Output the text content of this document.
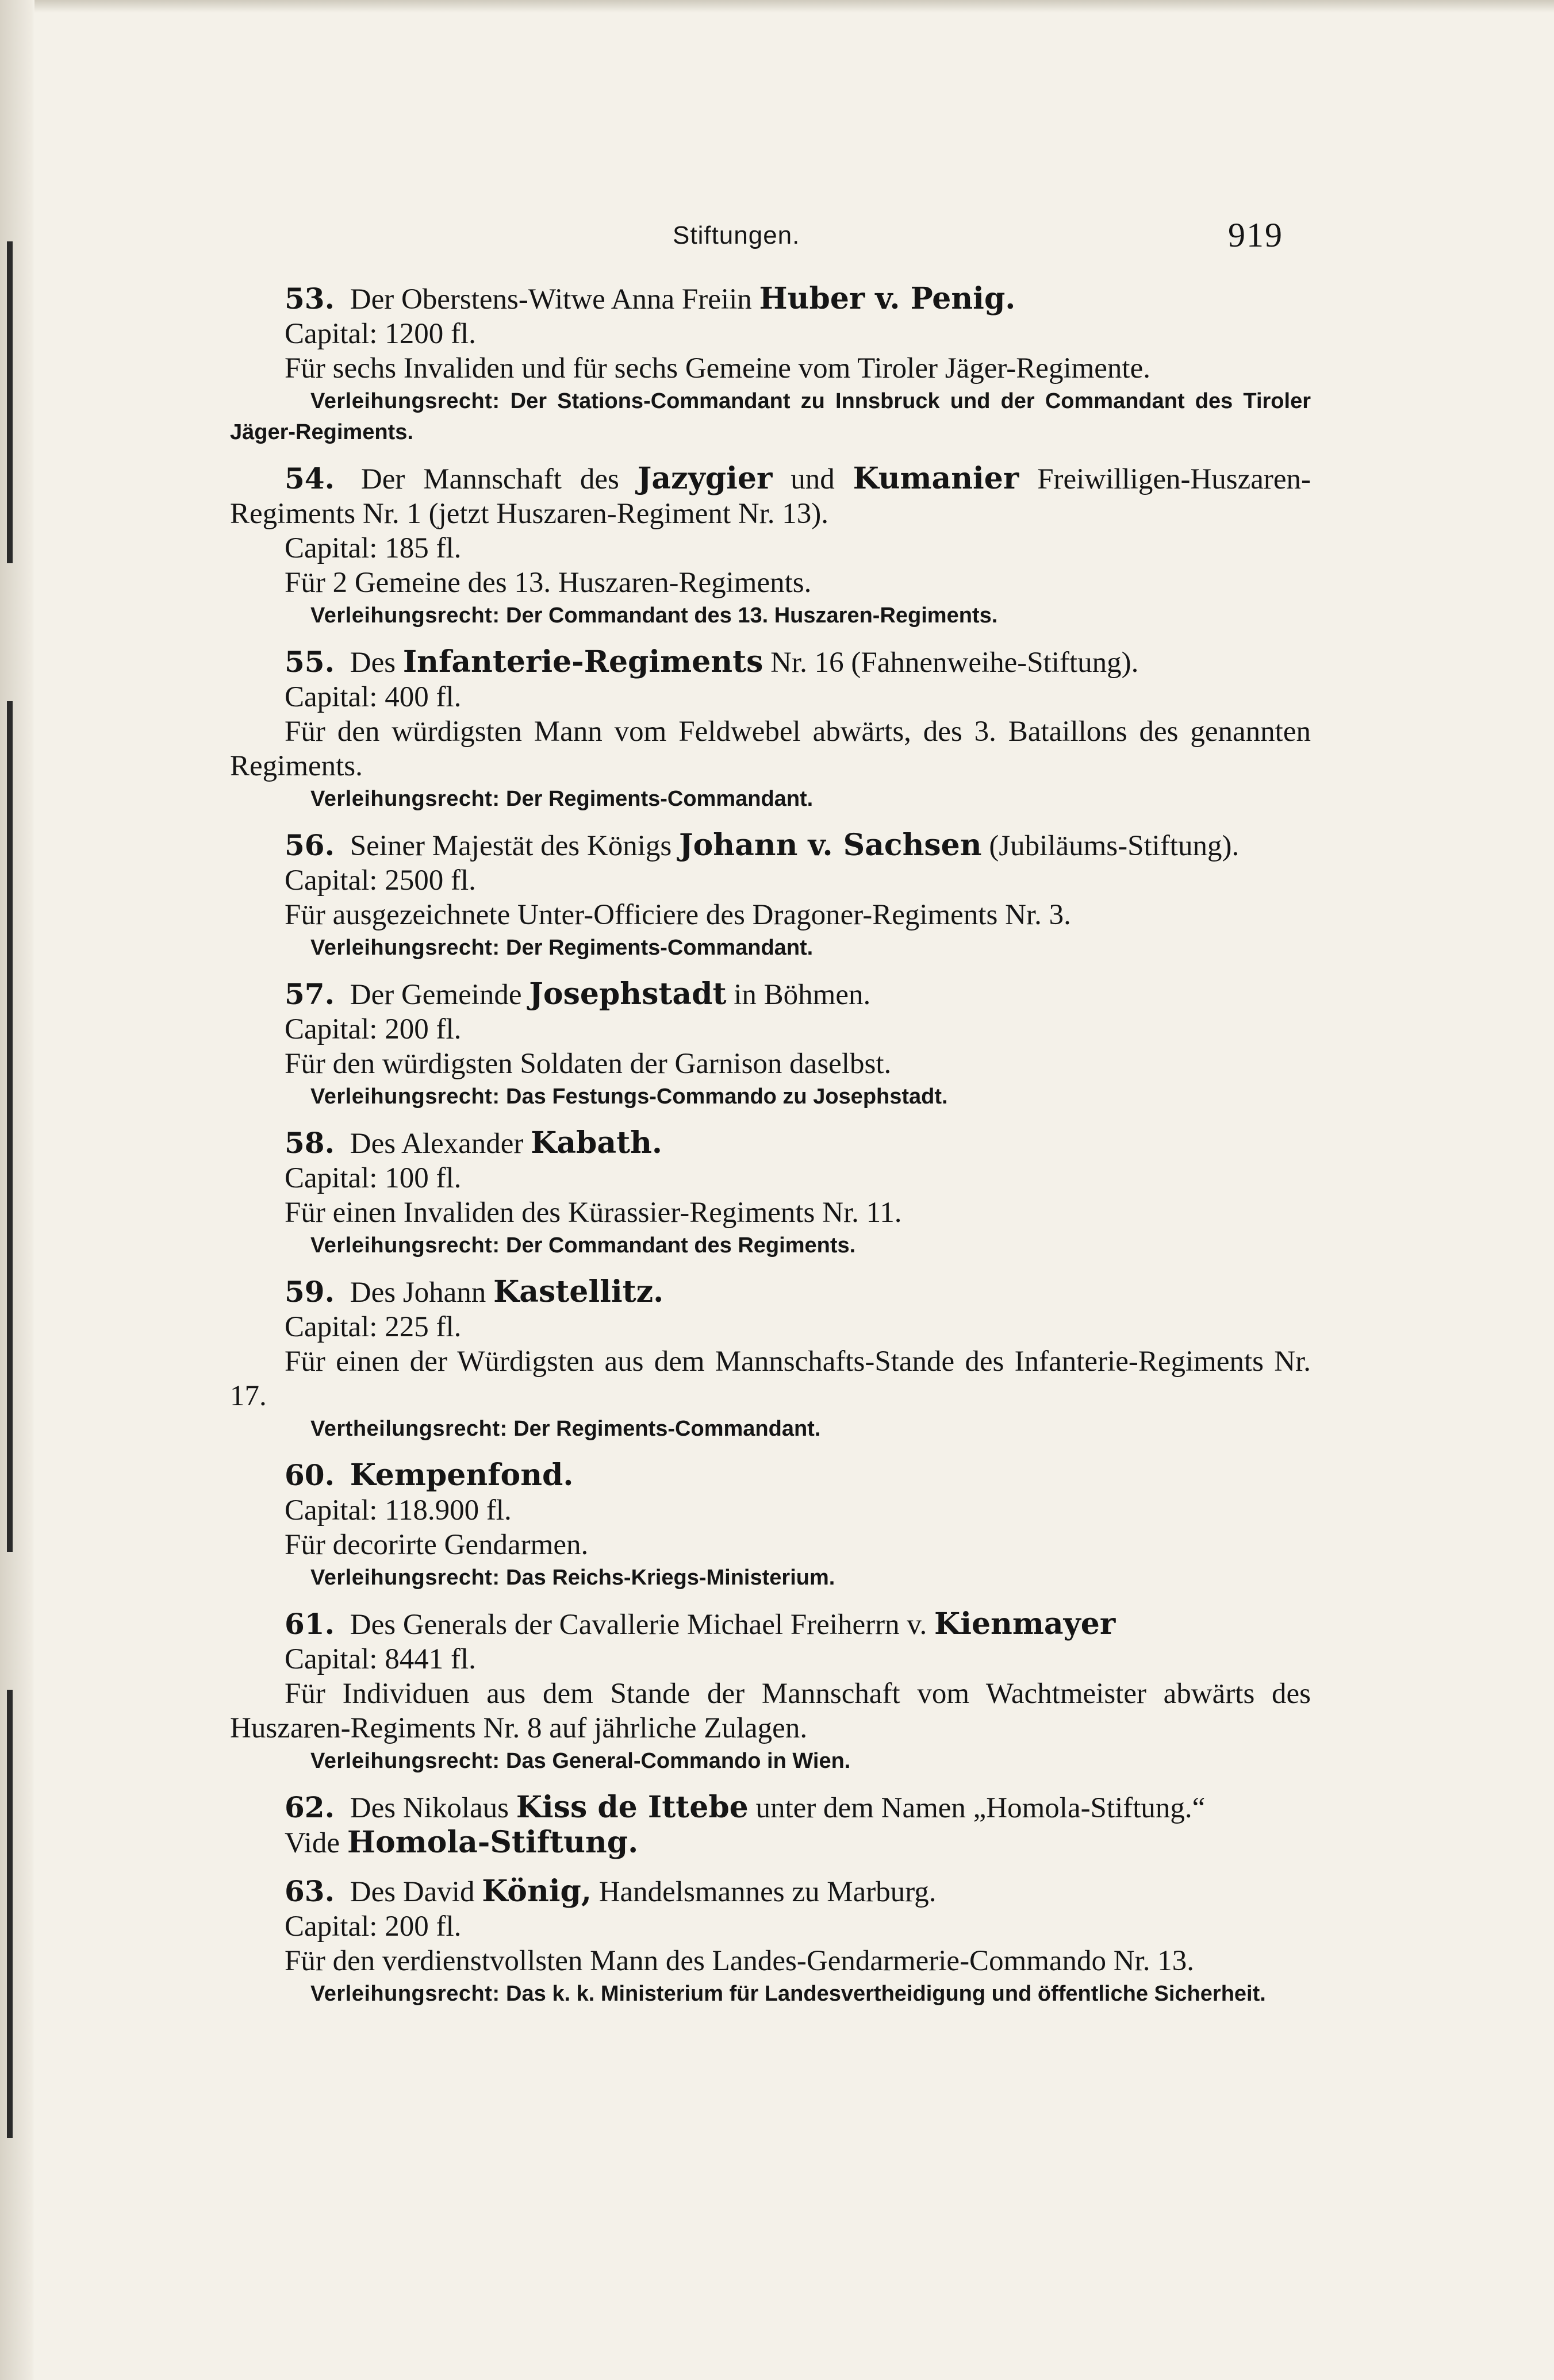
Stiftungen.	919
53. Der Oberstens-Witwe Anna Freiin Huber v. Penig.
Capital: 1200 fl.
Für sechs Invaliden und für sechs Gemeine vom Tiroler Jäger-Regimente.
Verleihungsrecht: Der Stations-Commandant zu Innsbruck und der Commandant des Tiroler Jäger-Regiments.
54. Der Mannschaft des Jazygier und Kumanier Freiwilligen-Huszaren-Regiments Nr. 1 (jetzt Huszaren-Regiment Nr. 13).
Capital: 185 fl.
Für 2 Gemeine des 13. Huszaren-Regiments.
Verleihungsrecht: Der Commandant des 13. Huszaren-Regiments.
55. Des Infanterie-Regiments Nr. 16 (Fahnenweihe-Stiftung).
Capital: 400 fl.
Für den würdigsten Mann vom Feldwebel abwärts, des 3. Bataillons des genannten Regiments.
Verleihungsrecht: Der Regiments-Commandant.
56. Seiner Majestät des Königs Johann v. Sachsen (Jubiläums-Stiftung).
Capital: 2500 fl.
Für ausgezeichnete Unter-Officiere des Dragoner-Regiments Nr. 3.
Verleihungsrecht: Der Regiments-Commandant.
57. Der Gemeinde Josephstadt in Böhmen.
Capital: 200 fl.
Für den würdigsten Soldaten der Garnison daselbst.
Verleihungsrecht: Das Festungs-Commando zu Josephstadt.
58. Des Alexander Kabath.
Capital: 100 fl.
Für einen Invaliden des Kürassier-Regiments Nr. 11.
Verleihungsrecht: Der Commandant des Regiments.
59. Des Johann Kastellitz.
Capital: 225 fl.
Für einen der Würdigsten aus dem Mannschafts-Stande des Infanterie-Regiments Nr. 17.
Vertheilungsrecht: Der Regiments-Commandant.
60. Kempenfond.
Capital: 118.900 fl.
Für decorirte Gendarmen.
Verleihungsrecht: Das Reichs-Kriegs-Ministerium.
61. Des Generals der Cavallerie Michael Freiherrn v. Kienmayer
Capital: 8441 fl.
Für Individuen aus dem Stande der Mannschaft vom Wachtmeister abwärts des Huszaren-Regiments Nr. 8 auf jährliche Zulagen.
Verleihungsrecht: Das General-Commando in Wien.
62. Des Nikolaus Kiss de Ittebe unter dem Namen „Homola-Stiftung.“
Vide Homola-Stiftung.
63. Des David König, Handelsmannes zu Marburg.
Capital: 200 fl.
Für den verdienstvollsten Mann des Landes-Gendarmerie-Commando Nr. 13.
Verleihungsrecht: Das k. k. Ministerium für Landesvertheidigung und öffentliche Sicherheit.
